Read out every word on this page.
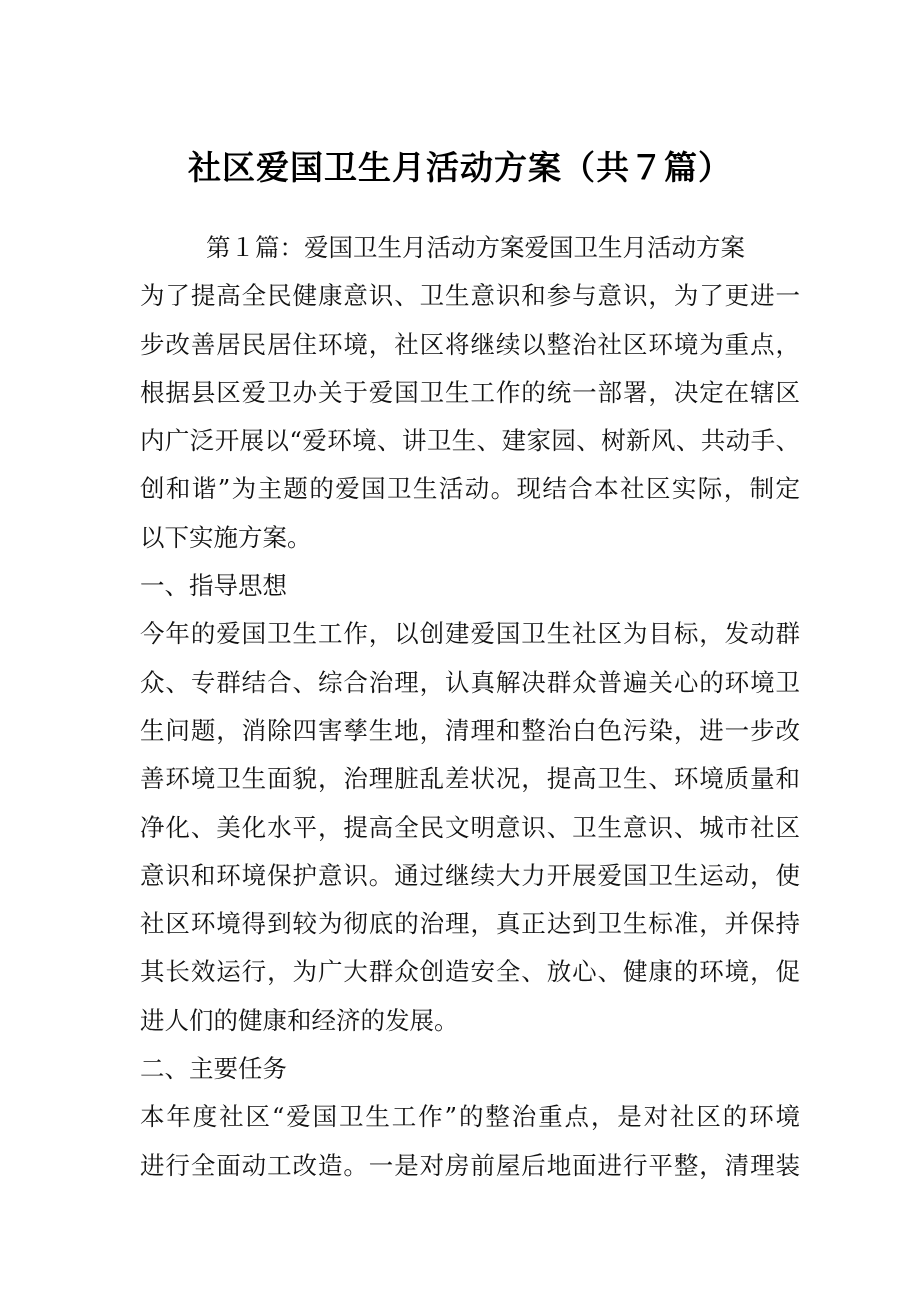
社区爱国卫生月活动方案（共７篇）
第１篇：爱国卫生月活动方案爱国卫生月活动方案
为了提高全民健康意识、卫生意识和参与意识，为了更进一
步改善居民居住环境，社区将继续以整治社区环境为重点，
根据县区爱卫办关于爱国卫生工作的统一部署，决定在辖区
内广泛开展以“爱环境、讲卫生、建家园、树新风、共动手、
创和谐”为主题的爱国卫生活动。现结合本社区实际，制定
以下实施方案。
一、指导思想
今年的爱国卫生工作，以创建爱国卫生社区为目标，发动群
众、专群结合、综合治理，认真解决群众普遍关心的环境卫
生问题，消除四害孳生地，清理和整治白色污染，进一步改
善环境卫生面貌，治理脏乱差状况，提高卫生、环境质量和
净化、美化水平，提高全民文明意识、卫生意识、城市社区
意识和环境保护意识。通过继续大力开展爱国卫生运动，使
社区环境得到较为彻底的治理，真正达到卫生标准，并保持
其长效运行，为广大群众创造安全、放心、健康的环境，促
进人们的健康和经济的发展。
二、主要任务
本年度社区“爱国卫生工作”的整治重点，是对社区的环境
进行全面动工改造。一是对房前屋后地面进行平整，清理装
